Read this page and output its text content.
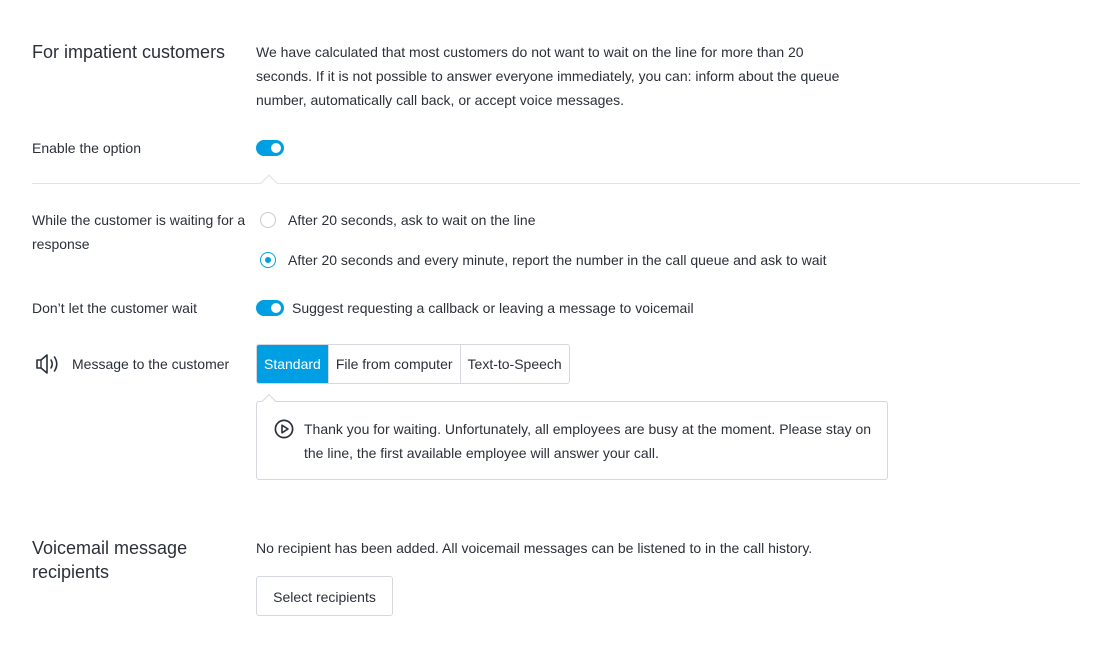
For impatient customers We have calculated that most customers do not want to wait on the line for more than 20 seconds. If it is not possible to answer everyone immediately, you can: inform about the queue number, automatically call back, or accept voice messages.
Enable the option
While the customer is waiting for a response
After 20 seconds, ask to wait on the line
After 20 seconds and every minute, report the number in the call queue and ask to wait
Don’t let the customer wait	Suggest requesting a callback or leaving a message to voicemail
Message to the customer	Standard	File from computer	Text-to-Speech
Thank you for waiting. Unfortunately, all employees are busy at the moment. Please stay on the line, the first available employee will answer your call.
Voicemail message recipients
No recipient has been added. All voicemail messages can be listened to in the call history.
Select recipients
